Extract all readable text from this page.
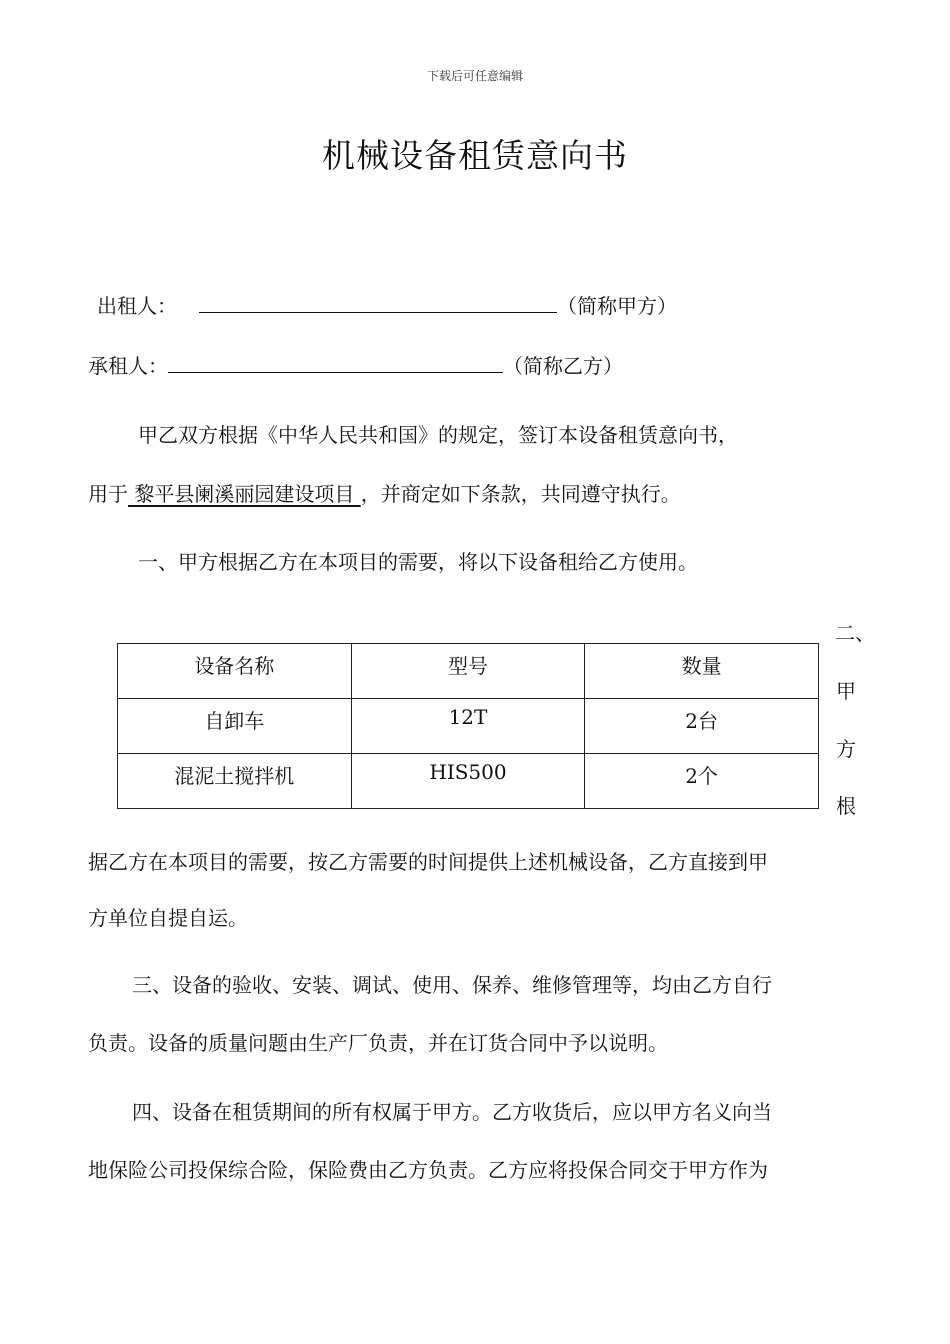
下载后可任意编辑
机械设备租赁意向书
出租人：	（简称甲方）
承租人：	（简称乙方）
甲乙双方根据《中华人民共和国》的规定，签订本设备租赁意向书，
用于 黎平县阑溪丽园建设项目 ，并商定如下条款，共同遵守执行。
一、甲方根据乙方在本项目的需要，将以下设备租给乙方使用。
设备名称	型号	数量
自卸车	12T	2台
混泥土搅拌机	HIS500	2个
二、
甲
方
根
据乙方在本项目的需要，按乙方需要的时间提供上述机械设备，乙方直接到甲
方单位自提自运。
三、设备的验收、安装、调试、使用、保养、维修管理等，均由乙方自行
负责。设备的质量问题由生产厂负责，并在订货合同中予以说明。
四、设备在租赁期间的所有权属于甲方。乙方收货后，应以甲方名义向当
地保险公司投保综合险，保险费由乙方负责。乙方应将投保合同交于甲方作为
